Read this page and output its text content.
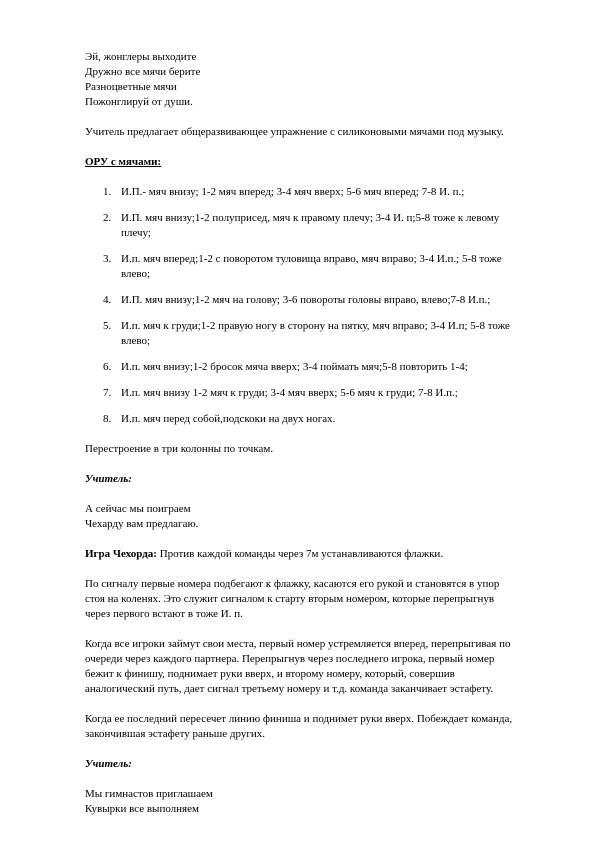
Эй, жонглеры выходите
Дружно все мячи берите
Разноцветные мячи
Пожонглируй от души.
Учитель предлагает общеразвивающее упражнение с силиконовыми мячами под музыку.
ОРУ с мячами:
1. И.П.- мяч внизу; 1-2 мяч вперед; 3-4 мяч вверх; 5-6 мяч вперед; 7-8 И. п.;
2. И.П. мяч внизу;1-2 полуприсед, мяч к правому плечу; 3-4 И. п;5-8 тоже к левому
плечу;
3. И.п. мяч вперед;1-2 с поворотом туловища вправо, мяч вправо; 3-4 И.п.; 5-8 тоже
влево;
4. И.П. мяч внизу;1-2 мяч на голову; 3-6 повороты головы вправо, влево;7-8 И.п.;
5. И.п. мяч к груди;1-2 правую ногу в сторону на пятку, мяч вправо; 3-4 И.п; 5-8 тоже
влево;
6. И.п. мяч внизу;1-2 бросок мяча вверх; 3-4 поймать мяч;5-8 повторить 1-4;
7. И.п. мяч внизу 1-2 мяч к груди; 3-4 мяч вверх; 5-6 мяч к груди; 7-8 И.п.;
8. И.п. мяч перед собой,подскоки на двух ногах.
Перестроение в три колонны по точкам.
Учитель:
А сейчас мы поиграем
Чехарду вам предлагаю.
Игра Чехорда: Против каждой команды через 7м устанавливаются флажки.
По сигналу первые номера подбегают к флажку, касаются его рукой и становятся в упор
стоя на коленях. Это служит сигналом к старту вторым номером, которые перепрыгнув
через первого встают в тоже И. п.
Когда все игроки займут свои места, первый номер устремляется вперед, перепрыгивая по
очереди через каждого партнера. Перепрыгнув через последнего игрока, первый номер
бежит к финишу, поднимает руки вверх, и второму номеру, который, совершив
аналогический путь, дает сигнал третьему номеру и т.д. команда заканчивает эстафету.
Когда ее последний пересечет линию финиша и поднимет руки вверх. Побеждает команда,
закончившая эстафету раньше других.
Учитель:
Мы гимнастов приглашаем
Кувырки все выполняем
